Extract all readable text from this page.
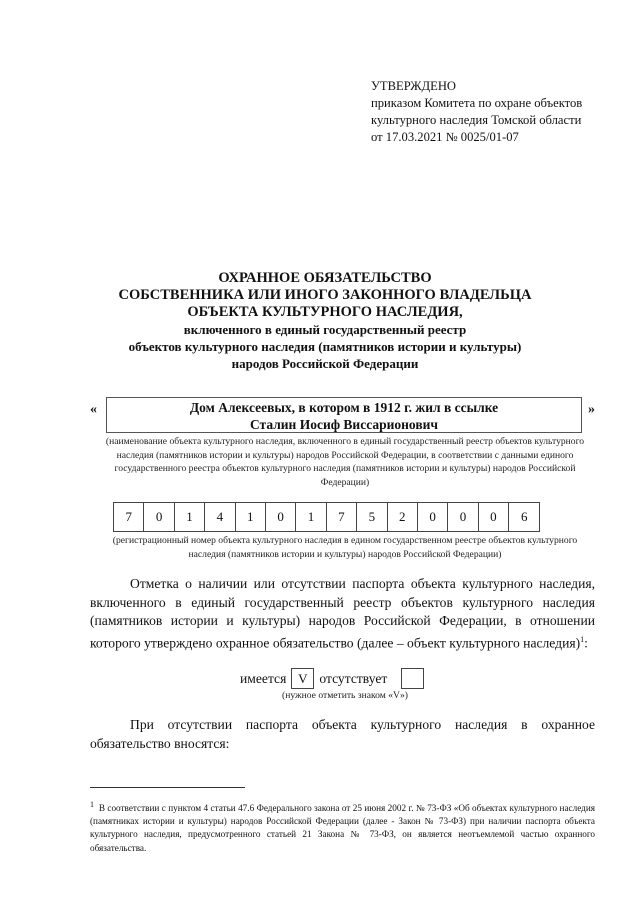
УТВЕРЖДЕНО
приказом Комитета по охране объектов
культурного наследия Томской области
от 17.03.2021 № 0025/01-07
ОХРАННОЕ ОБЯЗАТЕЛЬСТВО
СОБСТВЕННИКА ИЛИ ИНОГО ЗАКОННОГО ВЛАДЕЛЬЦА
ОБЪЕКТА КУЛЬТУРНОГО НАСЛЕДИЯ,
включенного в единый государственный реестр
объектов культурного наследия (памятников истории и культуры)
народов Российской Федерации
«	Дом Алексеевых, в котором в 1912 г. жил в ссылке
Сталин Иосиф Виссарионович
»
(наименование объекта культурного наследия, включенного в единый государственный реестр объектов культурного наследия (памятников истории и культуры) народов Российской Федерации, в соответствии с данными единого государственного реестра объектов культурного наследия (памятников истории и культуры) народов Российской Федерации)
7	0	1	4	1	0	1	7	5	2	0	0	0	6
(регистрационный номер объекта культурного наследия в едином государственном реестре объектов культурного наследия (памятников истории и культуры) народов Российской Федерации)
Отметка о наличии или отсутствии паспорта объекта культурного наследия, включенного в единый государственный реестр объектов культурного наследия (памятников истории и культуры) народов Российской Федерации, в отношении которого утверждено охранное обязательство (далее – объект культурного наследия)$^1$:
имеется V отсутствует
(нужное отметить знаком «V»)
При отсутствии паспорта объекта культурного наследия в охранное обязательство вносятся:
$^1$ В соответствии с пунктом 4 статьи 47.6 Федерального закона от 25 июня 2002 г. № 73-ФЗ «Об объектах культурного наследия (памятниках истории и культуры) народов Российской Федерации (далее - Закон № 73-ФЗ) при наличии паспорта объекта культурного наследия, предусмотренного статьей 21 Закона № 73-ФЗ, он является неотъемлемой частью охранного обязательства.
